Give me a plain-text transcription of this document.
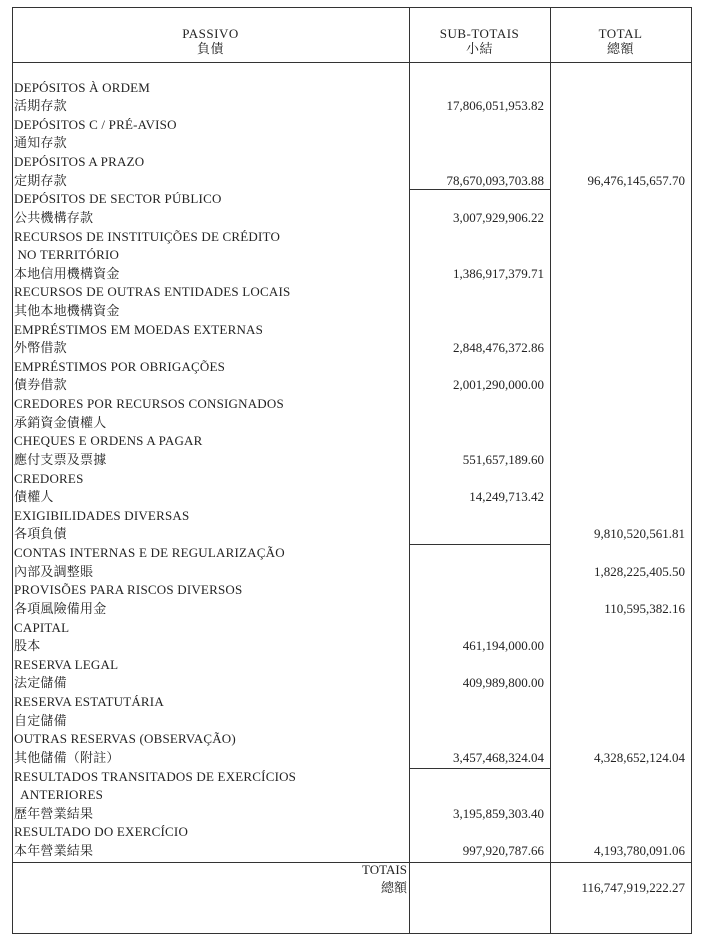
PASSIVO
負債
SUB-TOTAIS
小結
TOTAL
總額
DEPÓSITOS À ORDEM
活期存款
DEPÓSITOS C / PRÉ-AVISO
通知存款
DEPÓSITOS A PRAZO
定期存款
DEPÓSITOS DE SECTOR PÚBLICO
公共機構存款
RECURSOS DE INSTITUIÇÕES DE CRÉDITO
NO TERRITÓRIO
本地信用機構資金
RECURSOS DE OUTRAS ENTIDADES LOCAIS
其他本地機構資金
EMPRÉSTIMOS EM MOEDAS EXTERNAS
外幣借款
EMPRÉSTIMOS POR OBRIGAÇÕES
債券借款
CREDORES POR RECURSOS CONSIGNADOS
承銷資金債權人
CHEQUES E ORDENS A PAGAR
應付支票及票據
CREDORES
債權人
EXIGIBILIDADES DIVERSAS
各項負債
CONTAS INTERNAS E DE REGULARIZAÇÃO
內部及調整賬
PROVISÕES PARA RISCOS DIVERSOS
各項風險備用金
CAPITAL
股本
RESERVA LEGAL
法定儲備
RESERVA ESTATUTÁRIA
自定儲備
OUTRAS RESERVAS (OBSERVAÇÃO)
其他儲備（附註）
RESULTADOS TRANSITADOS DE EXERCÍCIOS
ANTERIORES
歷年營業結果
RESULTADO DO EXERCÍCIO
本年營業結果
17,806,051,953.82
78,670,093,703.88
3,007,929,906.22
1,386,917,379.71
2,848,476,372.86
2,001,290,000.00
551,657,189.60
14,249,713.42
461,194,000.00
409,989,800.00
3,457,468,324.04
3,195,859,303.40
997,920,787.66
96,476,145,657.70
9,810,520,561.81
1,828,225,405.50
110,595,382.16
4,328,652,124.04
4,193,780,091.06
TOTAIS
總額	116,747,919,222.27
